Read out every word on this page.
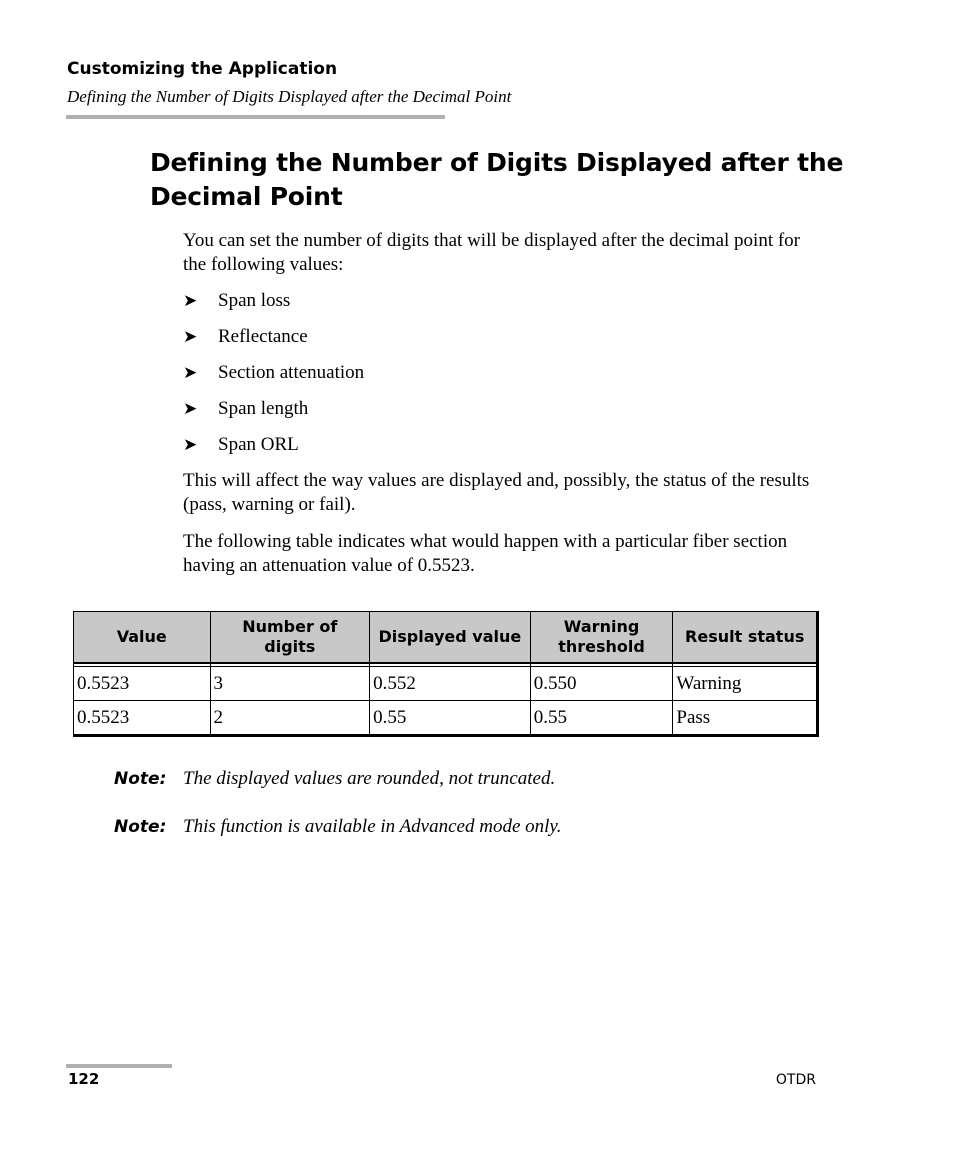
Customizing the Application
Defining the Number of Digits Displayed after the Decimal Point
Defining the Number of Digits Displayed after the Decimal Point

You can set the number of digits that will be displayed after the decimal point for the following values:

➤	Span loss
➤	Reflectance
➤	Section attenuation
➤	Span length
➤	Span ORL

This will affect the way values are displayed and, possibly, the status of the results (pass, warning or fail).

The following table indicates what would happen with a particular fiber section having an attenuation value of 0.5523.

Value	Number of digits	Displayed value	Warning threshold	Result status

0.5523	3	0.552	0.550	Warning
0.5523	2	0.55	0.55	Pass
Note: The displayed values are rounded, not truncated.
Note: This function is available in Advanced mode only.
122	OTDR
